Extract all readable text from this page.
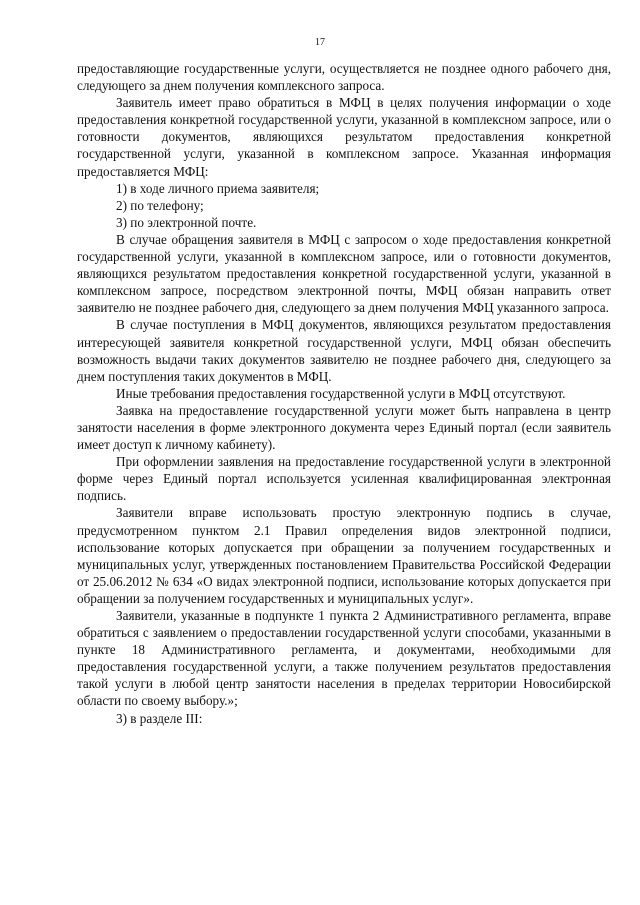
17

предоставляющие государственные услуги, осуществляется не позднее одного рабочего дня, следующего за днем получения комплексного запроса.

Заявитель имеет право обратиться в МФЦ в целях получения информации о ходе предоставления конкретной государственной услуги, указанной в комплексном запросе, или о готовности документов, являющихся результатом предоставления конкретной государственной услуги, указанной в комплексном запросе. Указанная информация предоставляется МФЦ:

1) в ходе личного приема заявителя;

2) по телефону;

3) по электронной почте.

В случае обращения заявителя в МФЦ с запросом о ходе предоставления конкретной государственной услуги, указанной в комплексном запросе, или о готовности документов, являющихся результатом предоставления конкретной государственной услуги, указанной в комплексном запросе, посредством электронной почты, МФЦ обязан направить ответ заявителю не позднее рабочего дня, следующего за днем получения МФЦ указанного запроса.

В случае поступления в МФЦ документов, являющихся результатом предоставления интересующей заявителя конкретной государственной услуги, МФЦ обязан обеспечить возможность выдачи таких документов заявителю не позднее рабочего дня, следующего за днем поступления таких документов в МФЦ.

Иные требования предоставления государственной услуги в МФЦ отсутствуют.

Заявка на предоставление государственной услуги может быть направлена в центр занятости населения в форме электронного документа через Единый портал (если заявитель имеет доступ к личному кабинету).

При оформлении заявления на предоставление государственной услуги в электронной форме через Единый портал используется усиленная квалифицированная электронная подпись.

Заявители вправе использовать простую электронную подпись в случае, предусмотренном пунктом 2.1 Правил определения видов электронной подписи, использование которых допускается при обращении за получением государственных и муниципальных услуг, утвержденных постановлением Правительства Российской Федерации от 25.06.2012 № 634 «О видах электронной подписи, использование которых допускается при обращении за получением государственных и муниципальных услуг».

Заявители, указанные в подпункте 1 пункта 2 Административного регламента, вправе обратиться с заявлением о предоставлении государственной услуги способами, указанными в пункте 18 Административного регламента, и документами, необходимыми для предоставления государственной услуги, а также получением результатов предоставления такой услуги в любой центр занятости населения в пределах территории Новосибирской области по своему выбору.»;

3) в разделе III:
